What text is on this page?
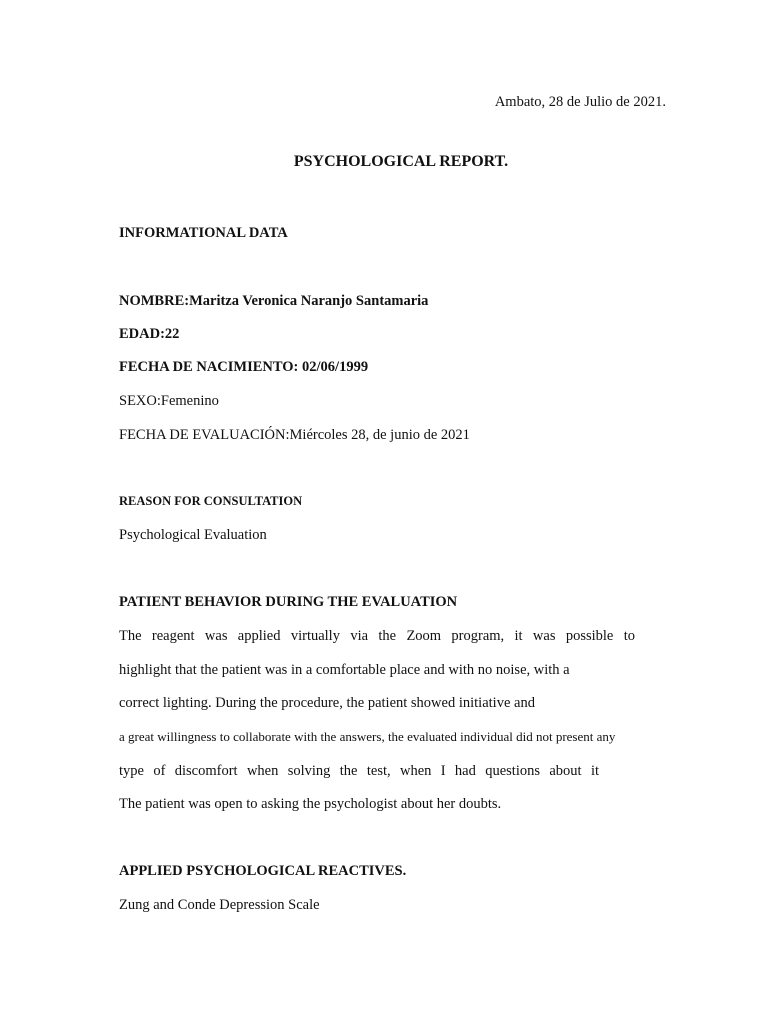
Ambato, 28 de Julio de 2021.
PSYCHOLOGICAL REPORT.
INFORMATIONAL DATA
NOMBRE:Maritza Veronica Naranjo Santamaria
EDAD:22
FECHA DE NACIMIENTO: 02/06/1999
SEXO:Femenino
FECHA DE EVALUACIÓN:Miércoles 28, de junio de 2021
REASON FOR CONSULTATION
Psychological Evaluation
PATIENT BEHAVIOR DURING THE EVALUATION
The reagent was applied virtually via the Zoom program, it was possible to
highlight that the patient was in a comfortable place and with no noise, with a
correct lighting. During the procedure, the patient showed initiative and
a great willingness to collaborate with the answers, the evaluated individual did not present any
type of discomfort when solving the test, when I had questions about it
The patient was open to asking the psychologist about her doubts.
APPLIED PSYCHOLOGICAL REACTIVES.
Zung and Conde Depression Scale
